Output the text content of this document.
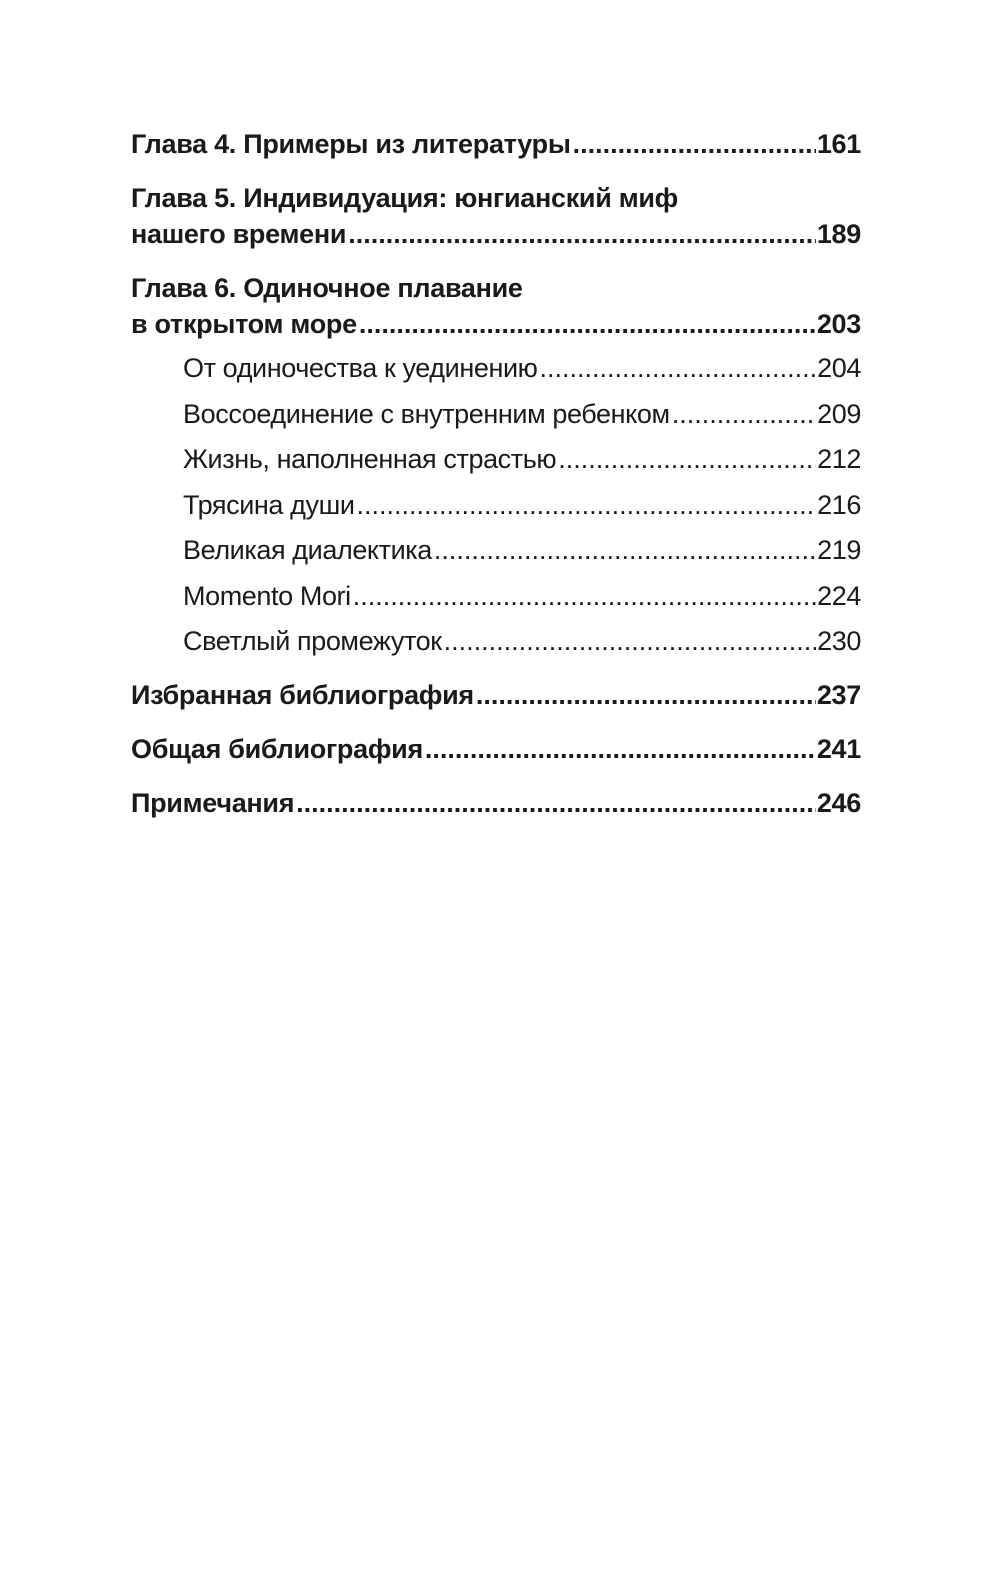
Глава 4. Примеры из литературы .....	161
Глава 5. Индивидуация: юнгианский миф
нашего времени .....	189
Глава 6. Одиночное плавание
в открытом море .....	203
От одиночества к уединению .....	204
Воссоединение с внутренним ребенком .....	209
Жизнь, наполненная страстью .....	212
Трясина души .....	216
Великая диалектика .....	219
Momento Mori .....	224
Светлый промежуток .....	230
Избранная библиография .....	237
Общая библиография .....	241
Примечания .....	246
